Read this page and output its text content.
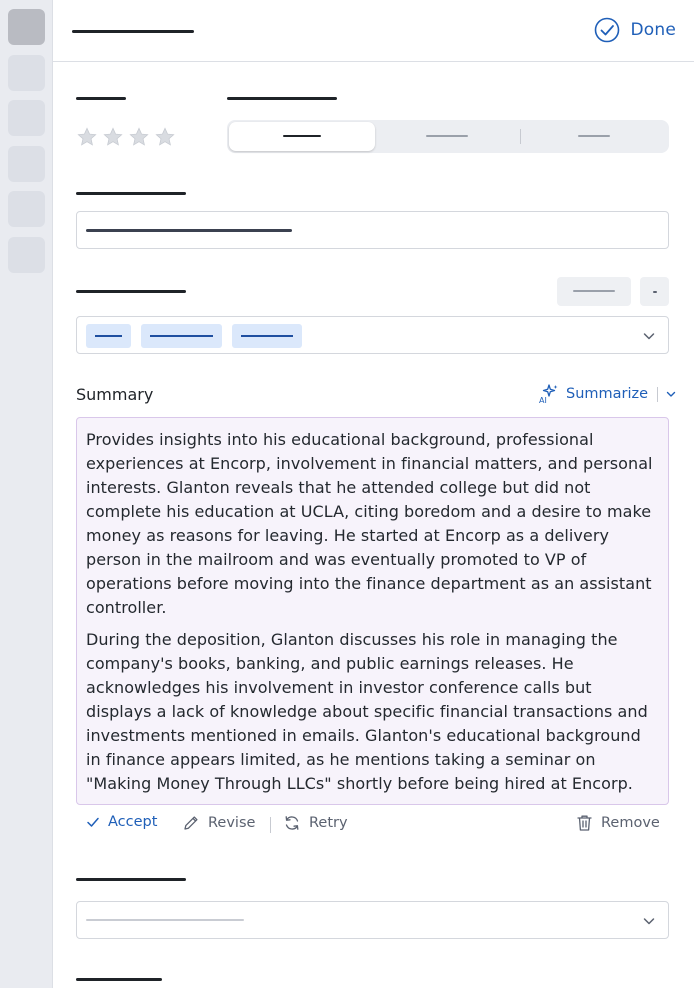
Done
Summary	AI Summarize

Provides insights into his educational background, professional experiences at Encorp, involvement in financial matters, and personal interests. Glanton reveals that he attended college but did not complete his education at UCLA, citing boredom and a desire to make money as reasons for leaving. He started at Encorp as a delivery person in the mailroom and was eventually promoted to VP of operations before moving into the finance department as an assistant controller.

During the deposition, Glanton discusses his role in managing the company's books, banking, and public earnings releases. He acknowledges his involvement in investor conference calls but displays a lack of knowledge about specific financial transactions and investments mentioned in emails. Glanton's educational background in finance appears limited, as he mentions taking a seminar on "Making Money Through LLCs" shortly before being hired at Encorp.

Accept	Revise	Retry	Remove
